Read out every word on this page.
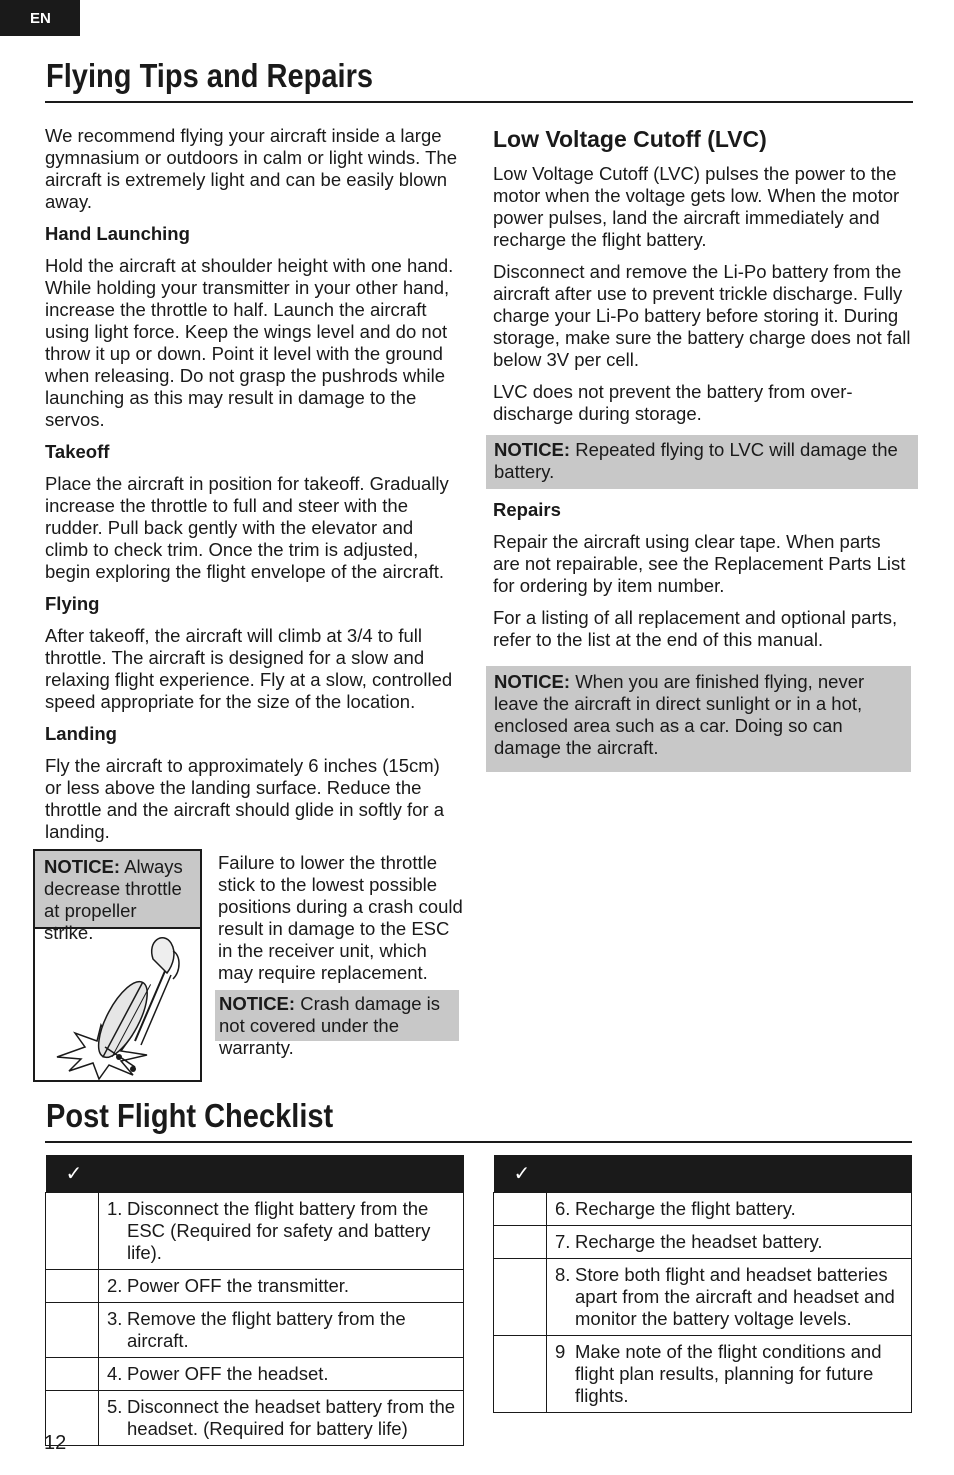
EN
Flying Tips and Repairs

We recommend flying your aircraft inside a large gymnasium or outdoors in calm or light winds. The aircraft is extremely light and can be easily blown away.

Hand Launching

Hold the aircraft at shoulder height with one hand. While holding your transmitter in your other hand, increase the throttle to half. Launch the aircraft using light force. Keep the wings level and do not throw it up or down. Point it level with the ground when releasing. Do not grasp the pushrods while launching as this may result in damage to the servos.

Takeoff

Place the aircraft in position for takeoff. Gradually increase the throttle to full and steer with the rudder. Pull back gently with the elevator and climb to check trim. Once the trim is adjusted, begin exploring the flight envelope of the aircraft.

Flying

After takeoff, the aircraft will climb at 3/4 to full throttle. The aircraft is designed for a slow and relaxing flight experience. Fly at a slow, controlled speed appropriate for the size of the location.

Landing

Fly the aircraft to approximately 6 inches (15cm) or less above the landing surface. Reduce the throttle and the aircraft should glide in softly for a landing.

NOTICE: Always decrease throttle at propeller strike.

Failure to lower the throttle stick to the lowest possible positions during a crash could result in damage to the ESC in the receiver unit, which may require replacement.

NOTICE: Crash damage is not covered under the warranty.

Low Voltage Cutoff (LVC)

Low Voltage Cutoff (LVC) pulses the power to the motor when the voltage gets low. When the motor power pulses, land the aircraft immediately and recharge the flight battery.

Disconnect and remove the Li-Po battery from the aircraft after use to prevent trickle discharge. Fully charge your Li-Po battery before storing it. During storage, make sure the battery charge does not fall below 3V per cell.

LVC does not prevent the battery from over-discharge during storage.

NOTICE: Repeated flying to LVC will damage the battery.

Repairs

Repair the aircraft using clear tape. When parts are not repairable, see the Replacement Parts List for ordering by item number.

For a listing of all replacement and optional parts, refer to the list at the end of this manual.

NOTICE: When you are finished flying, never leave the aircraft in direct sunlight or in a hot, enclosed area such as a car. Doing so can damage the aircraft.
Post Flight Checklist
✓	

	1. Disconnect the flight battery from the ESC (Required for safety and battery life).

	2. Power OFF the transmitter.

	3. Remove the flight battery from the aircraft.

	4. Power OFF the headset.

	5. Disconnect the headset battery from the headset. (Required for battery life)
✓	

	6. Recharge the flight battery.

	7. Recharge the headset battery.

	8. Store both flight and headset batteries apart from the aircraft and headset and monitor the battery voltage levels.

	9 Make note of the flight conditions and flight plan results, planning for future flights.
12
